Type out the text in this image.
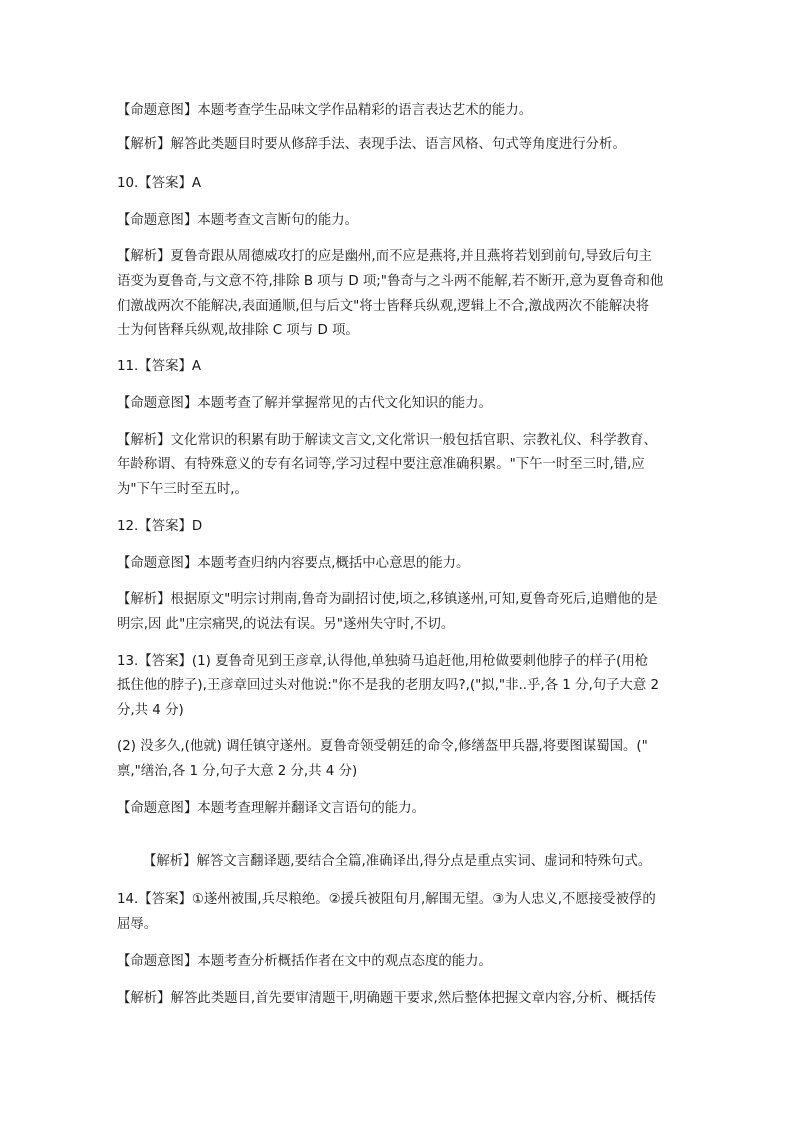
【命题意图】本题考查学生品味文学作品精彩的语言表达艺术的能力。
【解析】解答此类题目时要从修辞手法、表现手法、语言风格、句式等角度进行分析。
10.【答案】A
【命题意图】本题考查文言断句的能力。
【解析】夏鲁奇跟从周德威攻打的应是幽州,而不应是燕将,并且燕将若划到前句,导致后句主
语变为夏鲁奇,与文意不符,排除 B 项与 D 项;"鲁奇与之斗两不能解,若不断开,意为夏鲁奇和他
们激战两次不能解决,表面通顺,但与后文"将士皆释兵纵观,逻辑上不合,激战两次不能解决将
士为何皆释兵纵观,故排除 C 项与 D 项。
11.【答案】A
【命题意图】本题考查了解并掌握常见的古代文化知识的能力。
【解析】文化常识的积累有助于解读文言文,文化常识一般包括官职、宗教礼仪、科学教育、
年龄称谓、有特殊意义的专有名词等,学习过程中要注意准确积累。"下午一时至三时,错,应
为"下午三时至五时,。
12.【答案】D
【命题意图】本题考查归纳内容要点,概括中心意思的能力。
【解析】根据原文"明宗讨荆南,鲁奇为副招讨使,顷之,移镇遂州,可知,夏鲁奇死后,追赠他的是
明宗,因 此"庄宗痛哭,的说法有误。另"遂州失守时,不切。
13.【答案】(1) 夏鲁奇见到王彦章,认得他,单独骑马追赶他,用枪做要刺他脖子的样子(用枪
抵住他的脖子),王彦章回过头对他说:"你不是我的老朋友吗?,("拟,"非..乎,各 1 分,句子大意 2
分,共 4 分)
(2) 没多久,(他就) 调任镇守遂州。夏鲁奇领受朝廷的命令,修缮盔甲兵器,将要图谋蜀国。("
禀,"缮治,各 1 分,句子大意 2 分,共 4 分)
【命题意图】本题考查理解并翻译文言语句的能力。
【解析】解答文言翻译题,要结合全篇,准确译出,得分点是重点实词、虚词和特殊句式。
14.【答案】①遂州被围,兵尽粮绝。②援兵被阻旬月,解围无望。③为人忠义,不愿接受被俘的
屈辱。
【命题意图】本题考查分析概括作者在文中的观点态度的能力。
【解析】解答此类题目,首先要审清题干,明确题干要求,然后整体把握文章内容,分析、概括传
